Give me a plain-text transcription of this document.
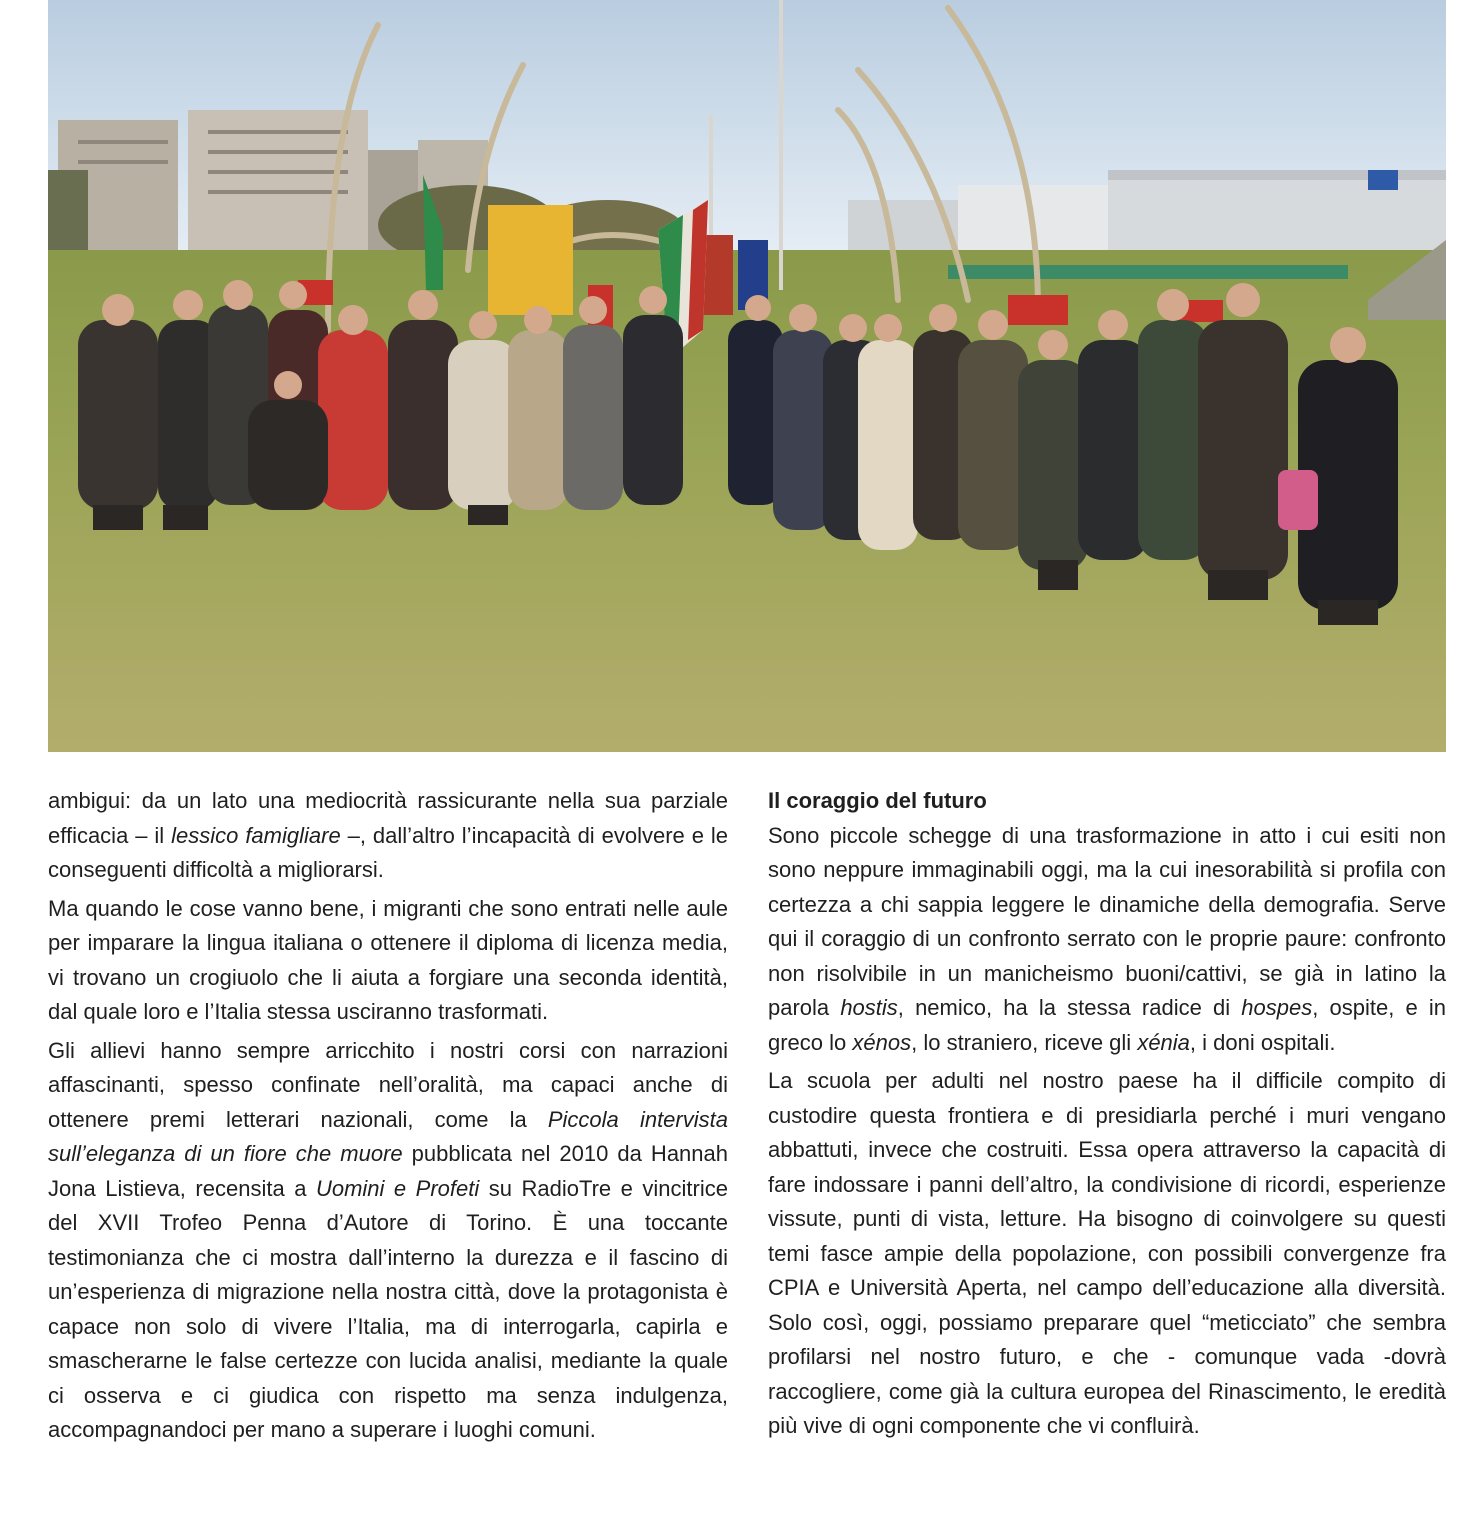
ambigui: da un lato una mediocrità rassicurante nella sua parziale efficacia – il lessico famigliare –, dall’altro l’incapacità di evolvere e le conseguenti difficoltà a migliorarsi.

Ma quando le cose vanno bene, i migranti che sono entrati nelle aule per imparare la lingua italiana o ottenere il diploma di licenza media, vi trovano un crogiuolo che li aiuta a forgiare una seconda identità, dal quale loro e l’Italia stessa usciranno trasformati.

Gli allievi hanno sempre arricchito i nostri corsi con narrazioni affascinanti, spesso confinate nell’oralità, ma capaci anche di ottenere premi letterari nazionali, come la Piccola intervista sull’eleganza di un fiore che muore pubblicata nel 2010 da Hannah Jona Listieva, recensita a Uomini e Profeti su RadioTre e vincitrice del XVII Trofeo Penna d’Autore di Torino. È una toccante testimonianza che ci mostra dall’interno la durezza e il fascino di un’esperienza di migrazione nella nostra città, dove la protagonista è capace non solo di vivere l’Italia, ma di interrogarla, capirla e smascherarne le false certezze con lucida analisi, mediante la quale ci osserva e ci giudica con rispetto ma senza indulgenza, accompagnandoci per mano a superare i luoghi comuni.

Il coraggio del futuro

Sono piccole schegge di una trasformazione in atto i cui esiti non sono neppure immaginabili oggi, ma la cui inesorabilità si profila con certezza a chi sappia leggere le dinamiche della demografia. Serve qui il coraggio di un confronto serrato con le proprie paure: confronto non risolvibile in un manicheismo buoni/cattivi, se già in latino la parola hostis, nemico, ha la stessa radice di hospes, ospite, e in greco lo xénos, lo straniero, riceve gli xénia, i doni ospitali.

La scuola per adulti nel nostro paese ha il difficile compito di custodire questa frontiera e di presidiarla perché i muri vengano abbattuti, invece che costruiti. Essa opera attraverso la capacità di fare indossare i panni dell’altro, la condivisione di ricordi, esperienze vissute, punti di vista, letture. Ha bisogno di coinvolgere su questi temi fasce ampie della popolazione, con possibili convergenze fra CPIA e Università Aperta, nel campo dell’educazione alla diversità. Solo così, oggi, possiamo preparare quel “meticciato” che sembra profilarsi nel nostro futuro, e che - comunque vada -dovrà raccogliere, come già la cultura europea del Rinascimento, le eredità più vive di ogni componente che vi confluirà.
